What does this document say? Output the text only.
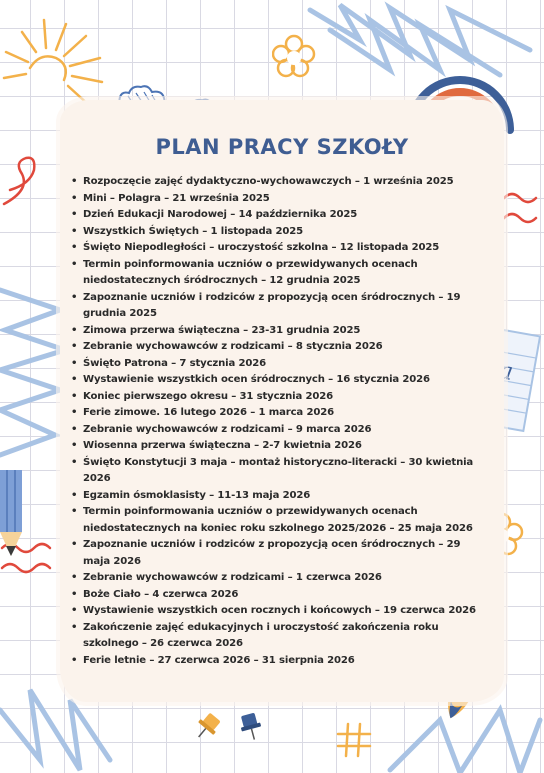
PLAN PRACY SZKOŁY
• Rozpoczęcie zajęć dydaktyczno-wychowawczych – 1 września 2025
• Mini – Polagra – 21 września 2025
• Dzień Edukacji Narodowej – 14 października 2025
• Wszystkich Świętych – 1 listopada 2025
• Święto Niepodległości – uroczystość szkolna – 12 listopada 2025
• Termin poinformowania uczniów o przewidywanych ocenach niedostatecznych śródrocznych – 12 grudnia 2025
• Zapoznanie uczniów i rodziców z propozycją ocen śródrocznych – 19 grudnia 2025
• Zimowa przerwa świąteczna – 23-31 grudnia 2025
• Zebranie wychowawców z rodzicami – 8 stycznia 2026
• Święto Patrona – 7 stycznia 2026
• Wystawienie wszystkich ocen śródrocznych – 16 stycznia 2026
• Koniec pierwszego okresu – 31 stycznia 2026
• Ferie zimowe. 16 lutego 2026 – 1 marca 2026
• Zebranie wychowawców z rodzicami – 9 marca 2026
• Wiosenna przerwa świąteczna – 2-7 kwietnia 2026
• Święto Konstytucji 3 maja – montaż historyczno-literacki – 30 kwietnia 2026
• Egzamin ósmoklasisty – 11-13 maja 2026
• Termin poinformowania uczniów o przewidywanych ocenach niedostatecznych na koniec roku szkolnego 2025/2026 – 25 maja 2026
• Zapoznanie uczniów i rodziców z propozycją ocen śródrocznych – 29 maja 2026
• Zebranie wychowawców z rodzicami – 1 czerwca 2026
• Boże Ciało – 4 czerwca 2026
• Wystawienie wszystkich ocen rocznych i końcowych – 19 czerwca 2026
• Zakończenie zajęć edukacyjnych i uroczystość zakończenia roku szkolnego – 26 czerwca 2026
• Ferie letnie – 27 czerwca 2026 – 31 sierpnia 2026
